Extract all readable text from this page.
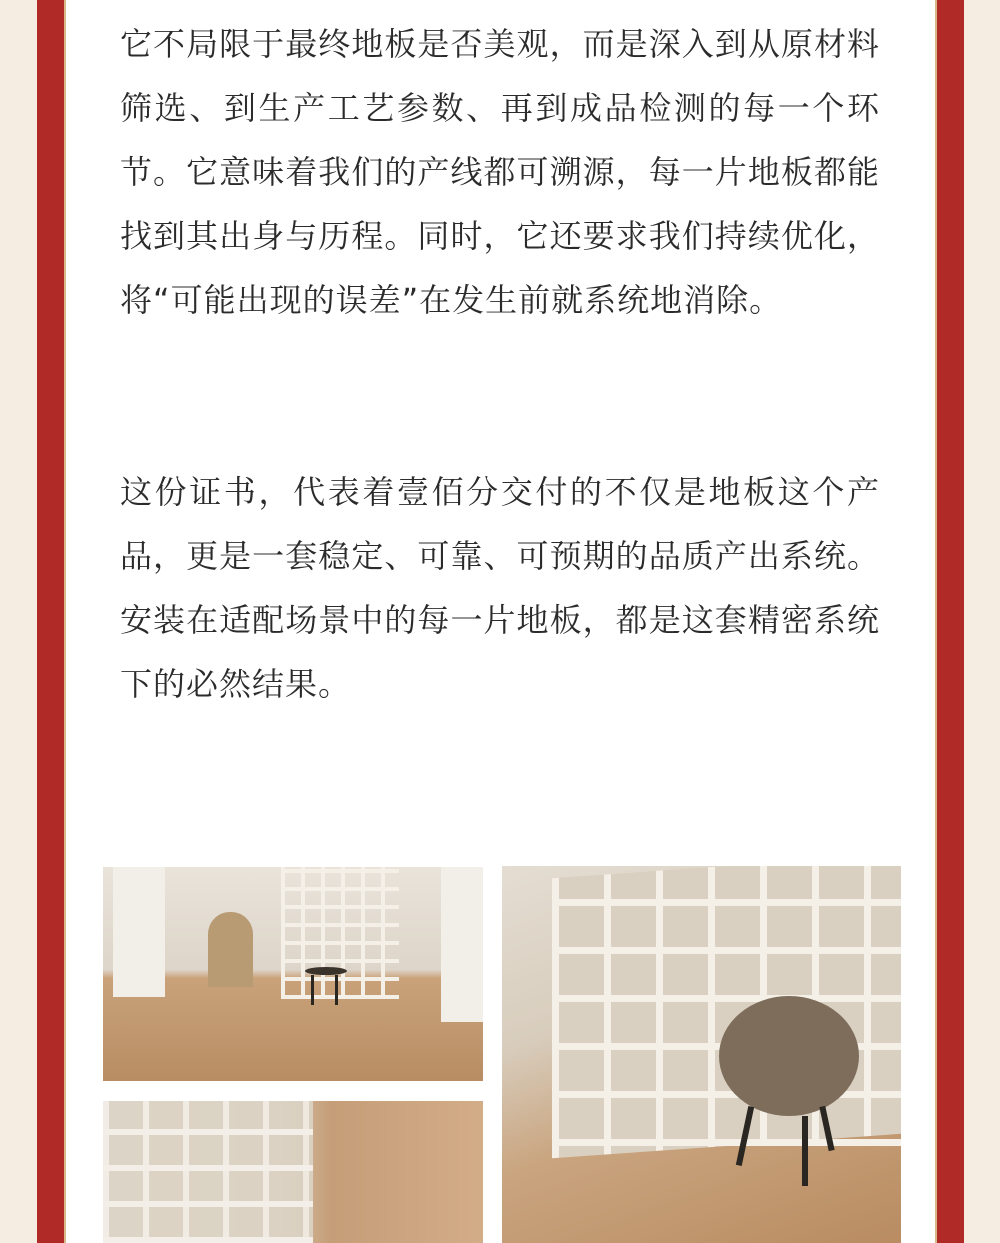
它不局限于最终地板是否美观，而是深入到从原材料筛选、到生产工艺参数、再到成品检测的每一个环节。它意味着我们的产线都可溯源，每一片地板都能找到其出身与历程。同时，它还要求我们持续优化，将“可能出现的误差”在发生前就系统地消除。

这份证书，代表着壹佰分交付的不仅是地板这个产品，更是一套稳定、可靠、可预期的品质产出系统。安装在适配场景中的每一片地板，都是这套精密系统下的必然结果。
